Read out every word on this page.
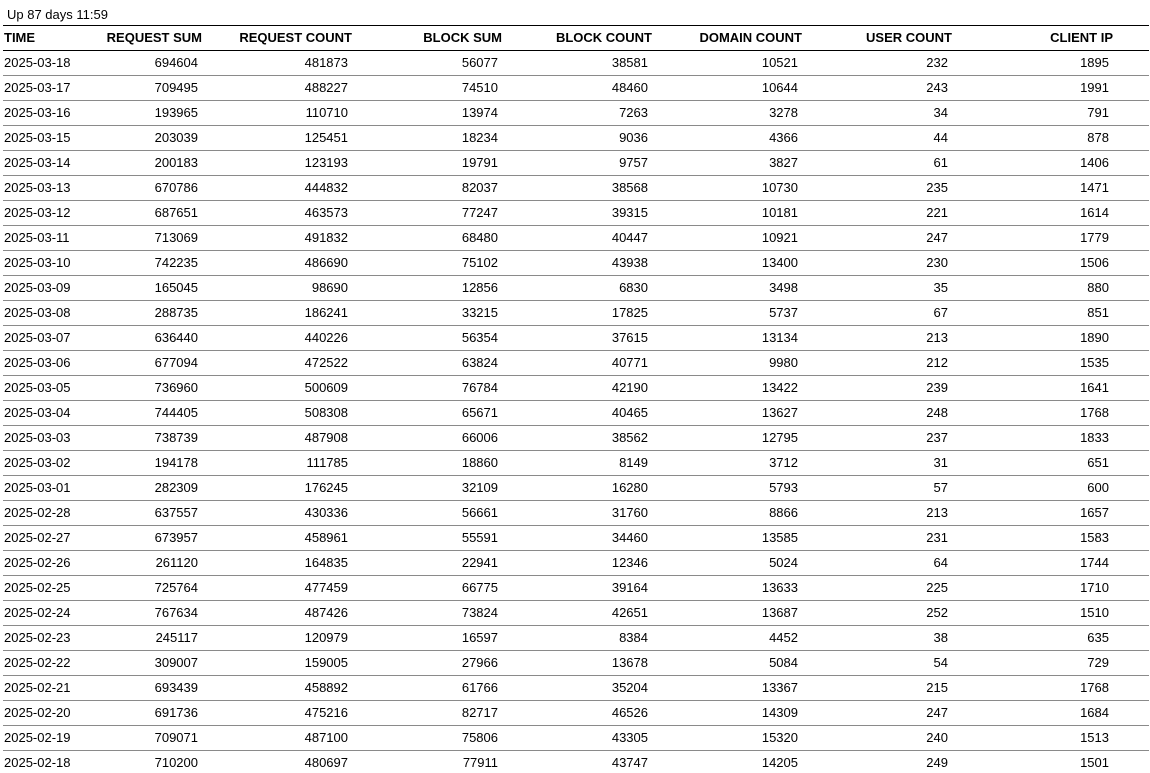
Up 87 days 11:59
TIME	REQUEST SUM	REQUEST COUNT	BLOCK SUM	BLOCK COUNT	DOMAIN COUNT	USER COUNT	CLIENT IP
2025-03-18	694604	481873	56077	38581	10521	232	1895
2025-03-17	709495	488227	74510	48460	10644	243	1991
2025-03-16	193965	110710	13974	7263	3278	34	791
2025-03-15	203039	125451	18234	9036	4366	44	878
2025-03-14	200183	123193	19791	9757	3827	61	1406
2025-03-13	670786	444832	82037	38568	10730	235	1471
2025-03-12	687651	463573	77247	39315	10181	221	1614
2025-03-11	713069	491832	68480	40447	10921	247	1779
2025-03-10	742235	486690	75102	43938	13400	230	1506
2025-03-09	165045	98690	12856	6830	3498	35	880
2025-03-08	288735	186241	33215	17825	5737	67	851
2025-03-07	636440	440226	56354	37615	13134	213	1890
2025-03-06	677094	472522	63824	40771	9980	212	1535
2025-03-05	736960	500609	76784	42190	13422	239	1641
2025-03-04	744405	508308	65671	40465	13627	248	1768
2025-03-03	738739	487908	66006	38562	12795	237	1833
2025-03-02	194178	111785	18860	8149	3712	31	651
2025-03-01	282309	176245	32109	16280	5793	57	600
2025-02-28	637557	430336	56661	31760	8866	213	1657
2025-02-27	673957	458961	55591	34460	13585	231	1583
2025-02-26	261120	164835	22941	12346	5024	64	1744
2025-02-25	725764	477459	66775	39164	13633	225	1710
2025-02-24	767634	487426	73824	42651	13687	252	1510
2025-02-23	245117	120979	16597	8384	4452	38	635
2025-02-22	309007	159005	27966	13678	5084	54	729
2025-02-21	693439	458892	61766	35204	13367	215	1768
2025-02-20	691736	475216	82717	46526	14309	247	1684
2025-02-19	709071	487100	75806	43305	15320	240	1513
2025-02-18	710200	480697	77911	43747	14205	249	1501
